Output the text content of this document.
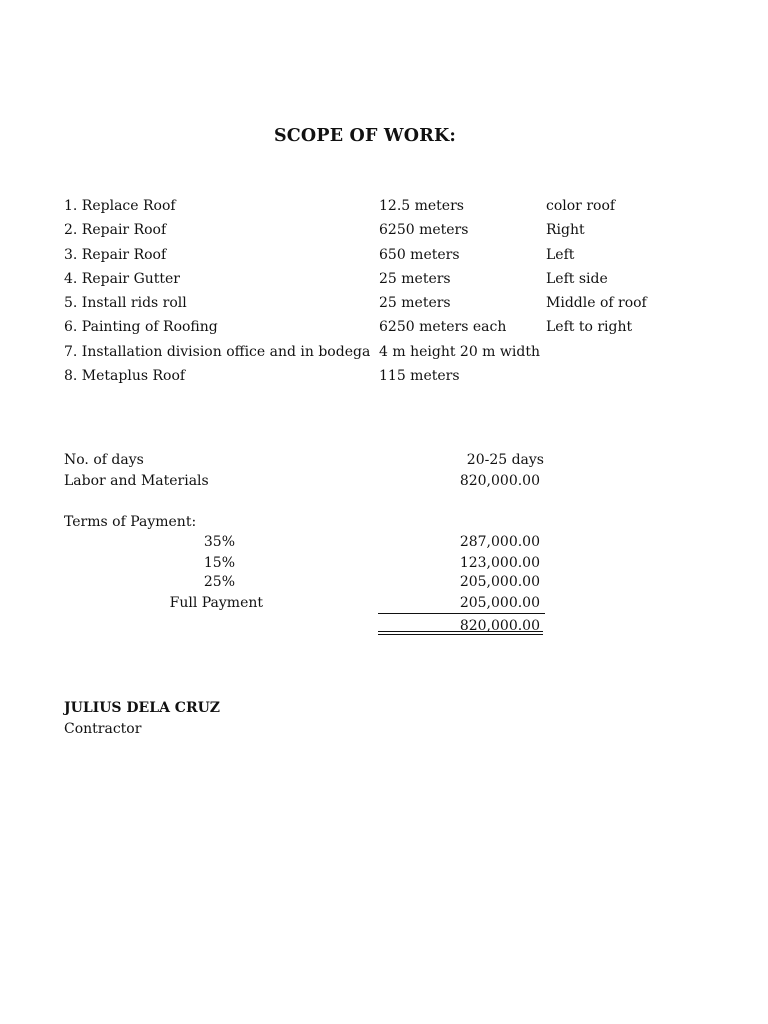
SCOPE OF WORK:
1. Replace Roof	12.5 meters	color roof
2. Repair Roof	6250 meters	Right
3. Repair Roof	650 meters	Left
4. Repair Gutter	25 meters	Left side
5. Install rids roll	25 meters	Middle of roof
6. Painting of Roofing	6250 meters each	Left to right
7. Installation division office and in bodega 4 m height 20 m width
8. Metaplus Roof	115 meters
No. of days	20-25 days
Labor and Materials	820,000.00
Terms of Payment:
35%	287,000.00
15%	123,000.00
25%	205,000.00
Full Payment	205,000.00
820,000.00
JULIUS DELA CRUZ
Contractor
